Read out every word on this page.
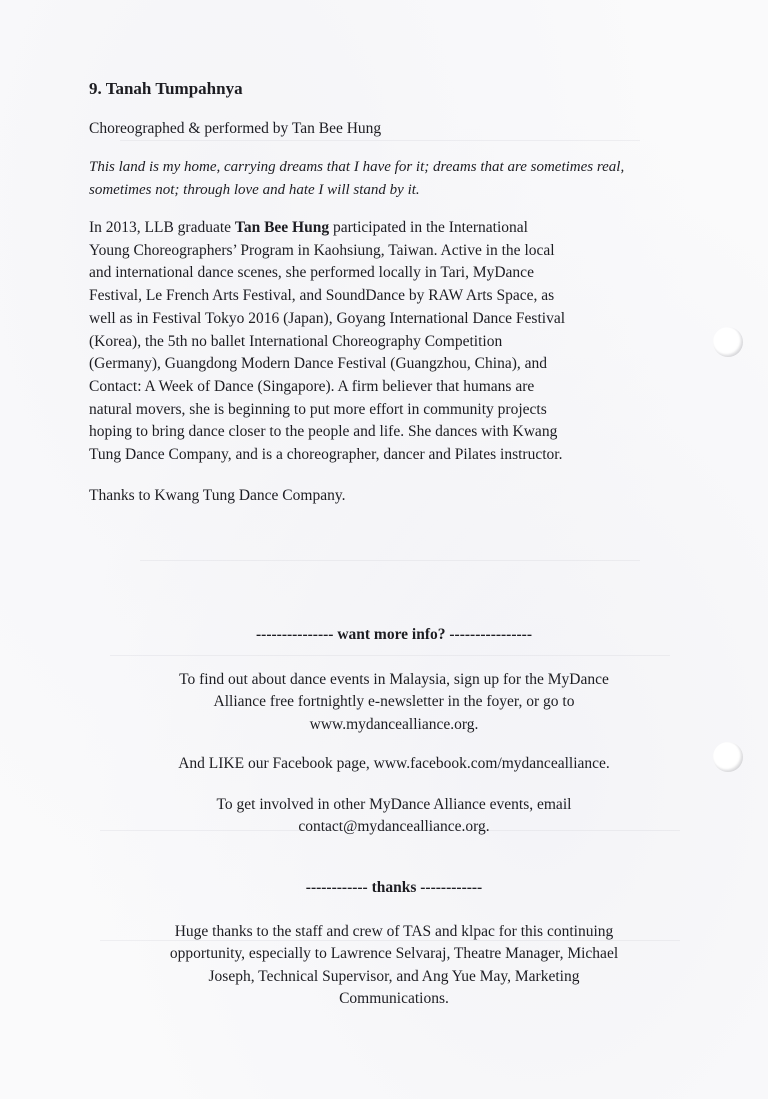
9. Tanah Tumpahnya
Choreographed & performed by Tan Bee Hung
This land is my home, carrying dreams that I have for it; dreams that are sometimes real,
sometimes not; through love and hate I will stand by it.
In 2013, LLB graduate Tan Bee Hung participated in the International
Young Choreographers’ Program in Kaohsiung, Taiwan. Active in the local
and international dance scenes, she performed locally in Tari, MyDance
Festival, Le French Arts Festival, and SoundDance by RAW Arts Space, as
well as in Festival Tokyo 2016 (Japan), Goyang International Dance Festival
(Korea), the 5th no ballet International Choreography Competition
(Germany), Guangdong Modern Dance Festival (Guangzhou, China), and
Contact: A Week of Dance (Singapore). A firm believer that humans are
natural movers, she is beginning to put more effort in community projects
hoping to bring dance closer to the people and life. She dances with Kwang
Tung Dance Company, and is a choreographer, dancer and Pilates instructor.
Thanks to Kwang Tung Dance Company.
--------------- want more info? ----------------
To find out about dance events in Malaysia, sign up for the MyDance
Alliance free fortnightly e-newsletter in the foyer, or go to
www.mydancealliance.org.
And LIKE our Facebook page, www.facebook.com/mydancealliance.
To get involved in other MyDance Alliance events, email
contact@mydancealliance.org.
------------ thanks ------------
Huge thanks to the staff and crew of TAS and klpac for this continuing
opportunity, especially to Lawrence Selvaraj, Theatre Manager, Michael
Joseph, Technical Supervisor, and Ang Yue May, Marketing
Communications.
